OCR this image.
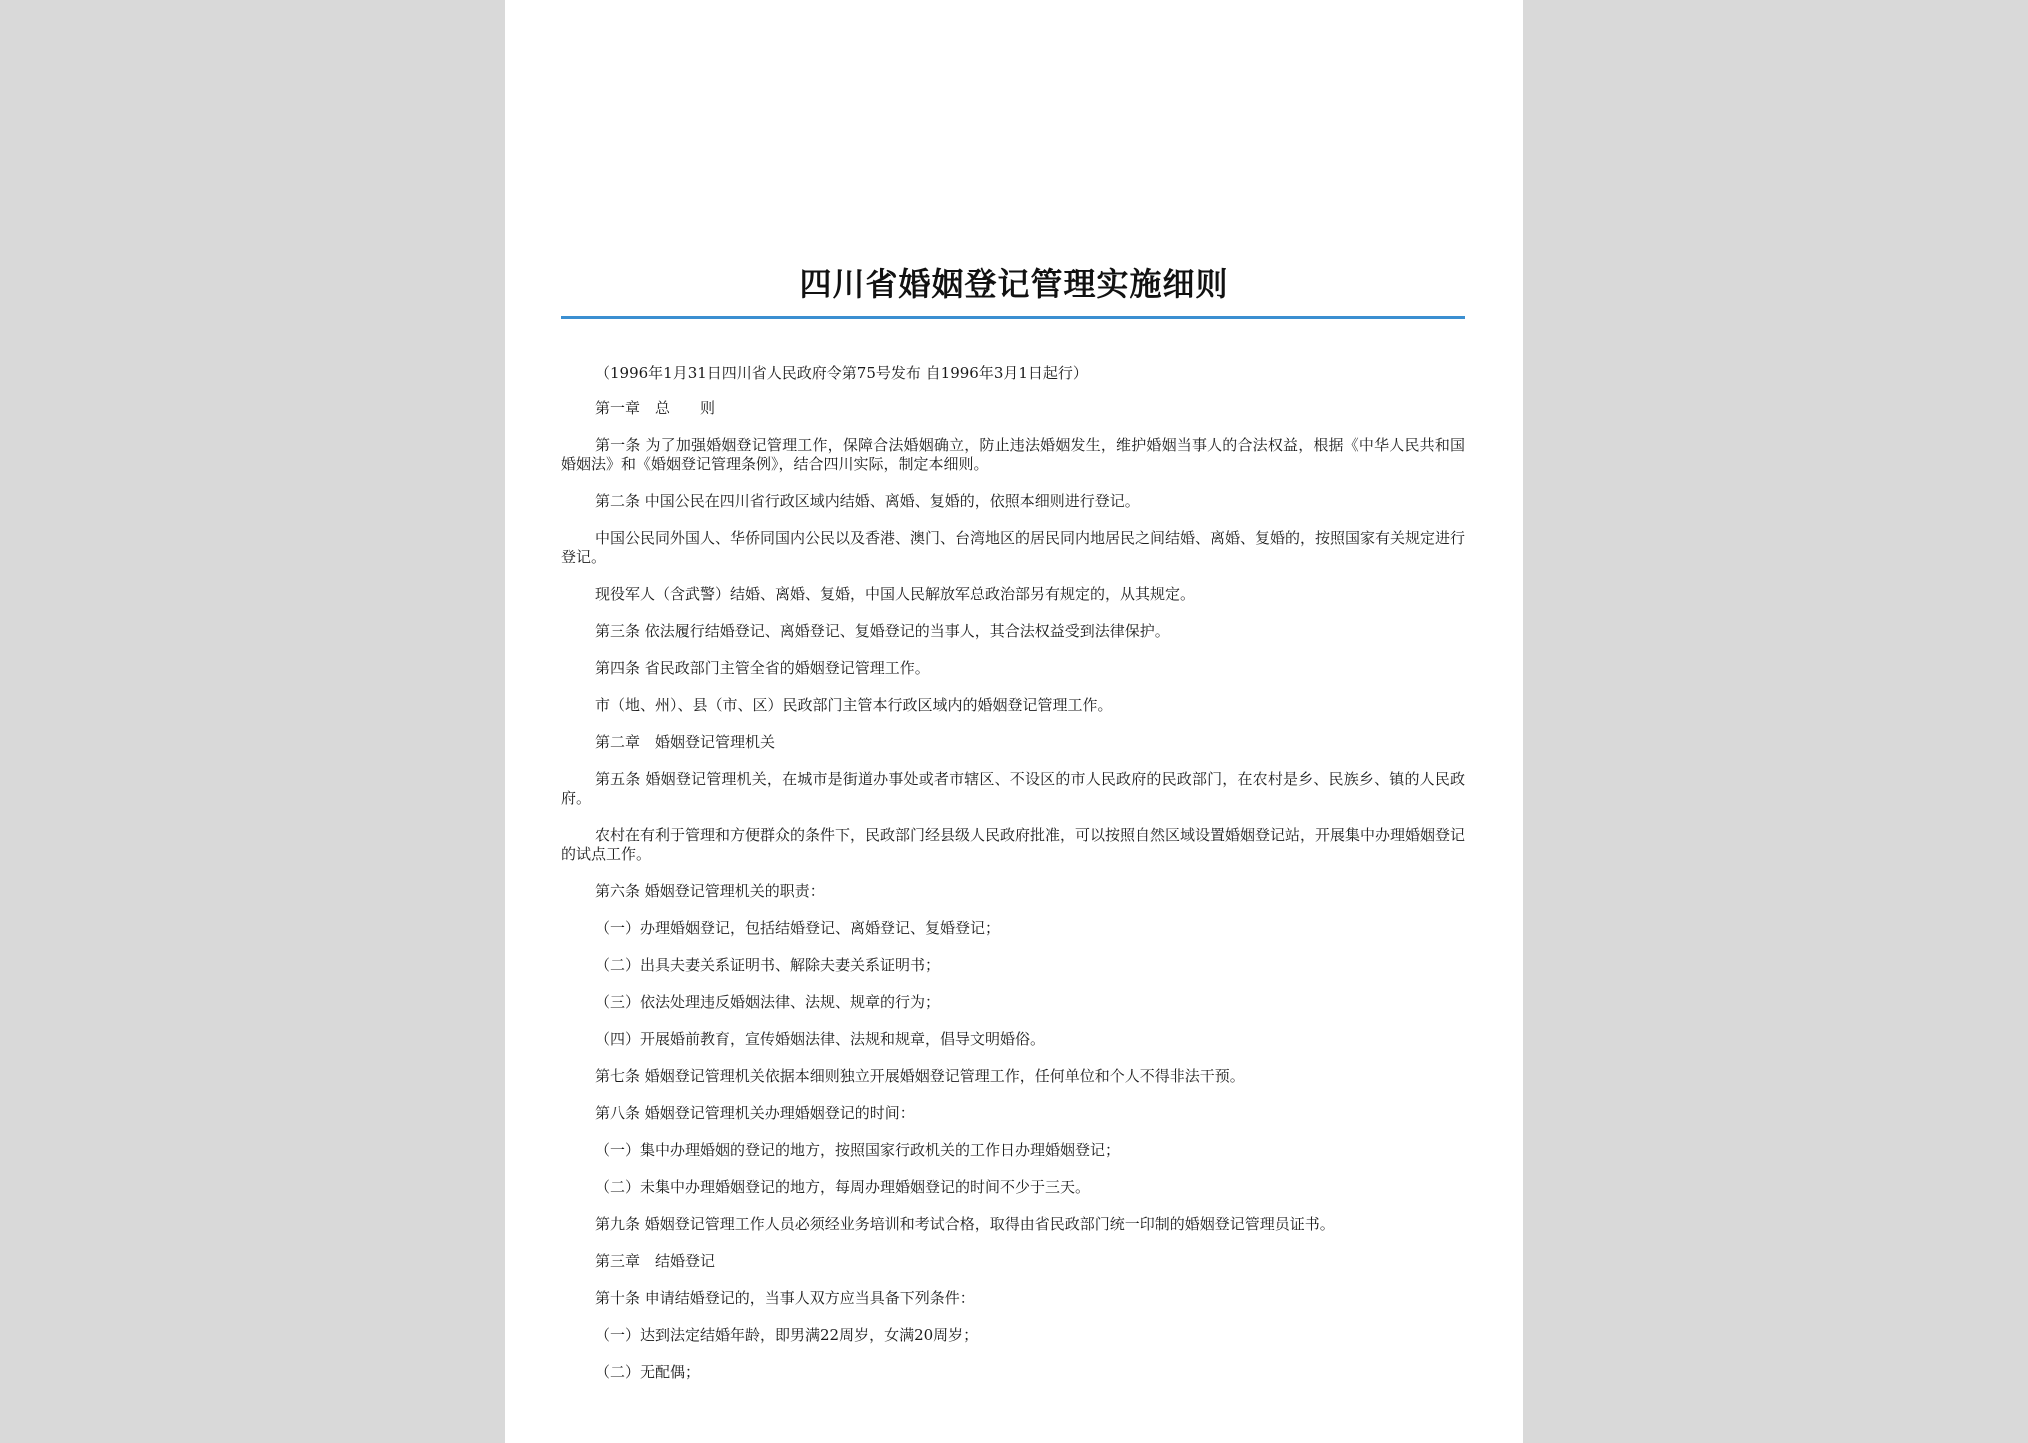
四川省婚姻登记管理实施细则

（1996年1月31日四川省人民政府令第75号发布 自1996年3月1日起行）

第一章　总　　则

第一条 为了加强婚姻登记管理工作，保障合法婚姻确立，防止违法婚姻发生，维护婚姻当事人的合法权益，根据《中华人民共和国婚姻法》和《婚姻登记管理条例》，结合四川实际，制定本细则。

第二条 中国公民在四川省行政区域内结婚、离婚、复婚的，依照本细则进行登记。

中国公民同外国人、华侨同国内公民以及香港、澳门、台湾地区的居民同内地居民之间结婚、离婚、复婚的，按照国家有关规定进行登记。

现役军人（含武警）结婚、离婚、复婚，中国人民解放军总政治部另有规定的，从其规定。

第三条 依法履行结婚登记、离婚登记、复婚登记的当事人，其合法权益受到法律保护。

第四条 省民政部门主管全省的婚姻登记管理工作。

市（地、州）、县（市、区）民政部门主管本行政区域内的婚姻登记管理工作。

第二章　婚姻登记管理机关

第五条 婚姻登记管理机关，在城市是街道办事处或者市辖区、不设区的市人民政府的民政部门，在农村是乡、民族乡、镇的人民政府。

农村在有利于管理和方便群众的条件下，民政部门经县级人民政府批准，可以按照自然区域设置婚姻登记站，开展集中办理婚姻登记的试点工作。

第六条 婚姻登记管理机关的职责：

（一）办理婚姻登记，包括结婚登记、离婚登记、复婚登记；

（二）出具夫妻关系证明书、解除夫妻关系证明书；

（三）依法处理违反婚姻法律、法规、规章的行为；

（四）开展婚前教育，宣传婚姻法律、法规和规章，倡导文明婚俗。

第七条 婚姻登记管理机关依据本细则独立开展婚姻登记管理工作，任何单位和个人不得非法干预。

第八条 婚姻登记管理机关办理婚姻登记的时间：

（一）集中办理婚姻的登记的地方，按照国家行政机关的工作日办理婚姻登记；

（二）未集中办理婚姻登记的地方，每周办理婚姻登记的时间不少于三天。

第九条 婚姻登记管理工作人员必须经业务培训和考试合格，取得由省民政部门统一印制的婚姻登记管理员证书。

第三章　结婚登记

第十条 申请结婚登记的，当事人双方应当具备下列条件：

（一）达到法定结婚年龄，即男满22周岁，女满20周岁；

（二）无配偶；
